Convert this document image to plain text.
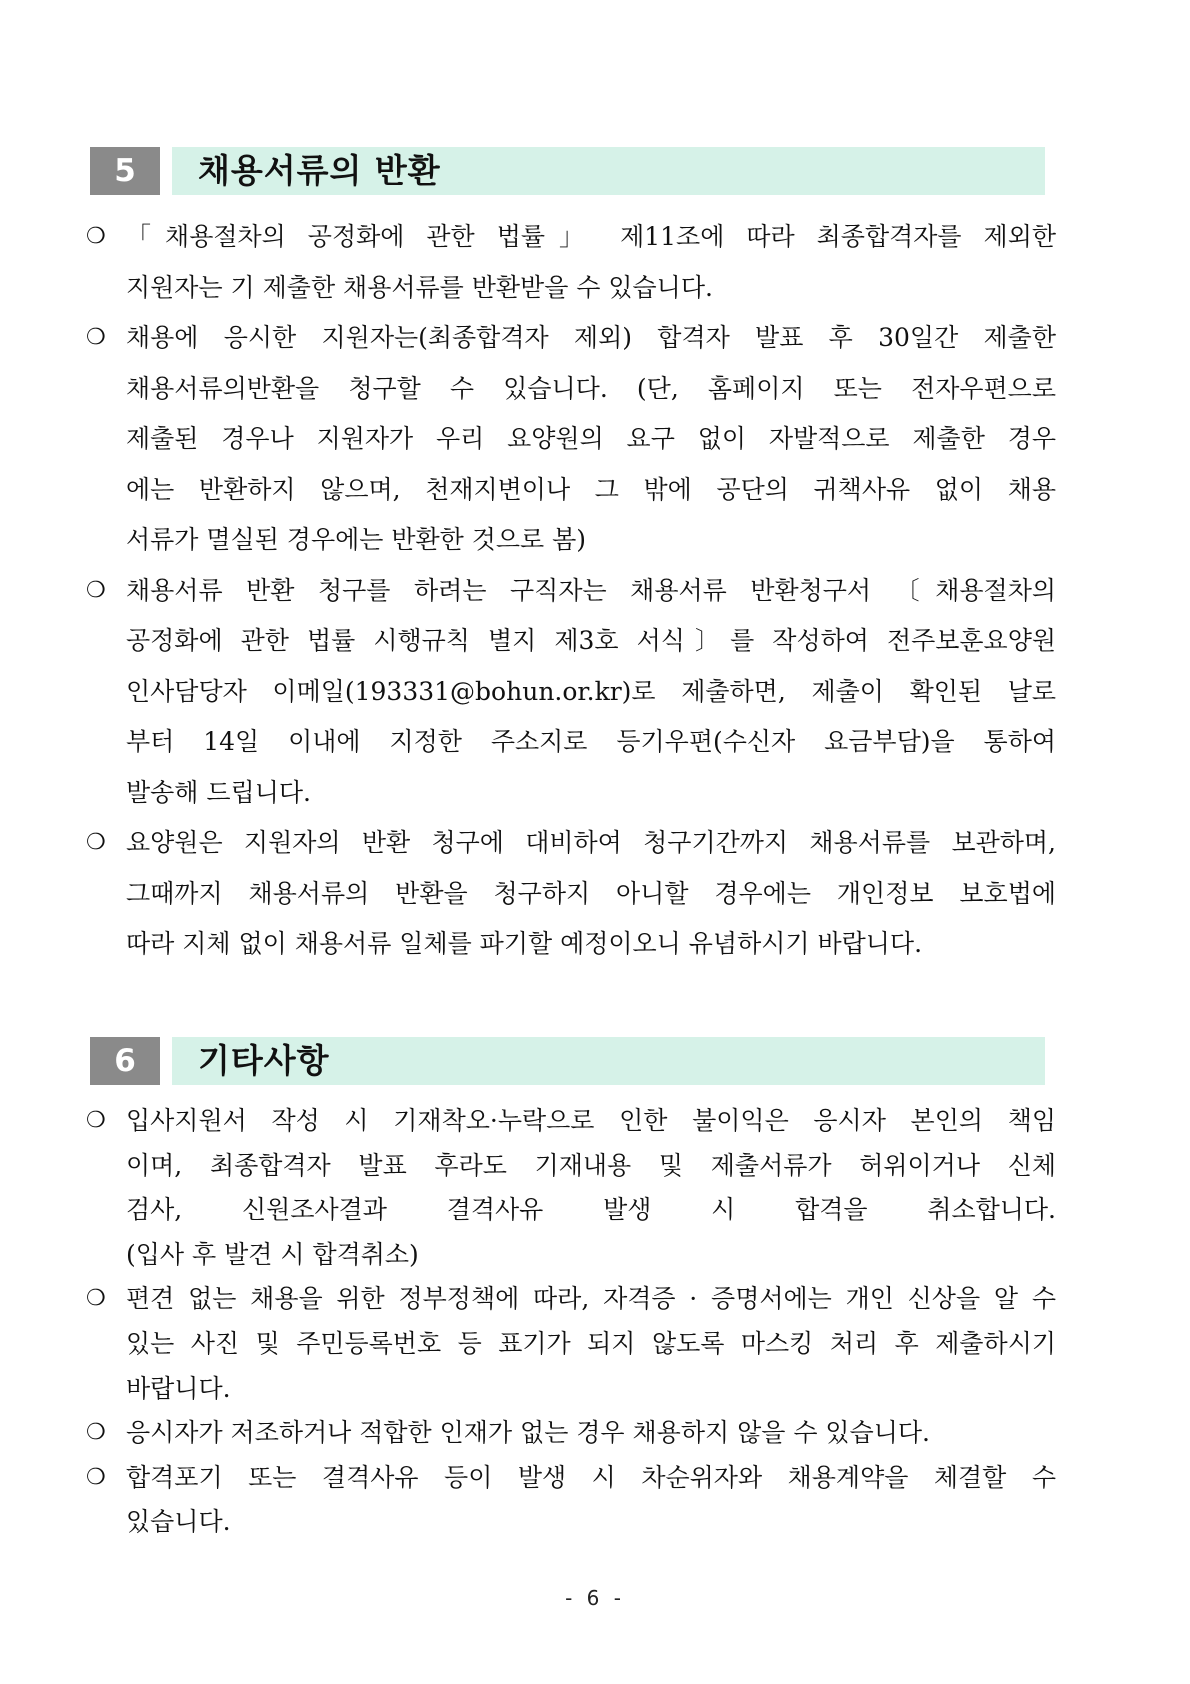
5	채용서류의 반환
❍ 「채용절차의 공정화에 관한 법률」 제11조에 따라 최종합격자를 제외한
지원자는 기 제출한 채용서류를 반환받을 수 있습니다.
❍ 채용에 응시한 지원자는(최종합격자 제외) 합격자 발표 후 30일간 제출한
채용서류의반환을 청구할 수 있습니다. (단, 홈페이지 또는 전자우편으로
제출된 경우나 지원자가 우리 요양원의 요구 없이 자발적으로 제출한 경우
에는 반환하지 않으며, 천재지변이나 그 밖에 공단의 귀책사유 없이 채용
서류가 멸실된 경우에는 반환한 것으로 봄)
❍ 채용서류 반환 청구를 하려는 구직자는 채용서류 반환청구서 〔채용절차의
공정화에 관한 법률 시행규칙 별지 제3호 서식〕를 작성하여 전주보훈요양원
인사담당자 이메일(193331@bohun.or.kr)로 제출하면, 제출이 확인된 날로
부터 14일 이내에 지정한 주소지로 등기우편(수신자 요금부담)을 통하여
발송해 드립니다.
❍ 요양원은 지원자의 반환 청구에 대비하여 청구기간까지 채용서류를 보관하며,
그때까지 채용서류의 반환을 청구하지 아니할 경우에는 개인정보 보호법에
따라 지체 없이 채용서류 일체를 파기할 예정이오니 유념하시기 바랍니다.
6	기타사항
❍ 입사지원서 작성 시 기재착오·누락으로 인한 불이익은 응시자 본인의 책임
이며, 최종합격자 발표 후라도 기재내용 및 제출서류가 허위이거나 신체
검사, 신원조사결과 결격사유 발생 시 합격을 취소합니다.
(입사 후 발견 시 합격취소)
❍ 편견 없는 채용을 위한 정부정책에 따라, 자격증 · 증명서에는 개인 신상을 알 수
있는 사진 및 주민등록번호 등 표기가 되지 않도록 마스킹 처리 후 제출하시기
바랍니다.
❍ 응시자가 저조하거나 적합한 인재가 없는 경우 채용하지 않을 수 있습니다.
❍ 합격포기 또는 결격사유 등이 발생 시 차순위자와 채용계약을 체결할 수
있습니다.
- 6 -
